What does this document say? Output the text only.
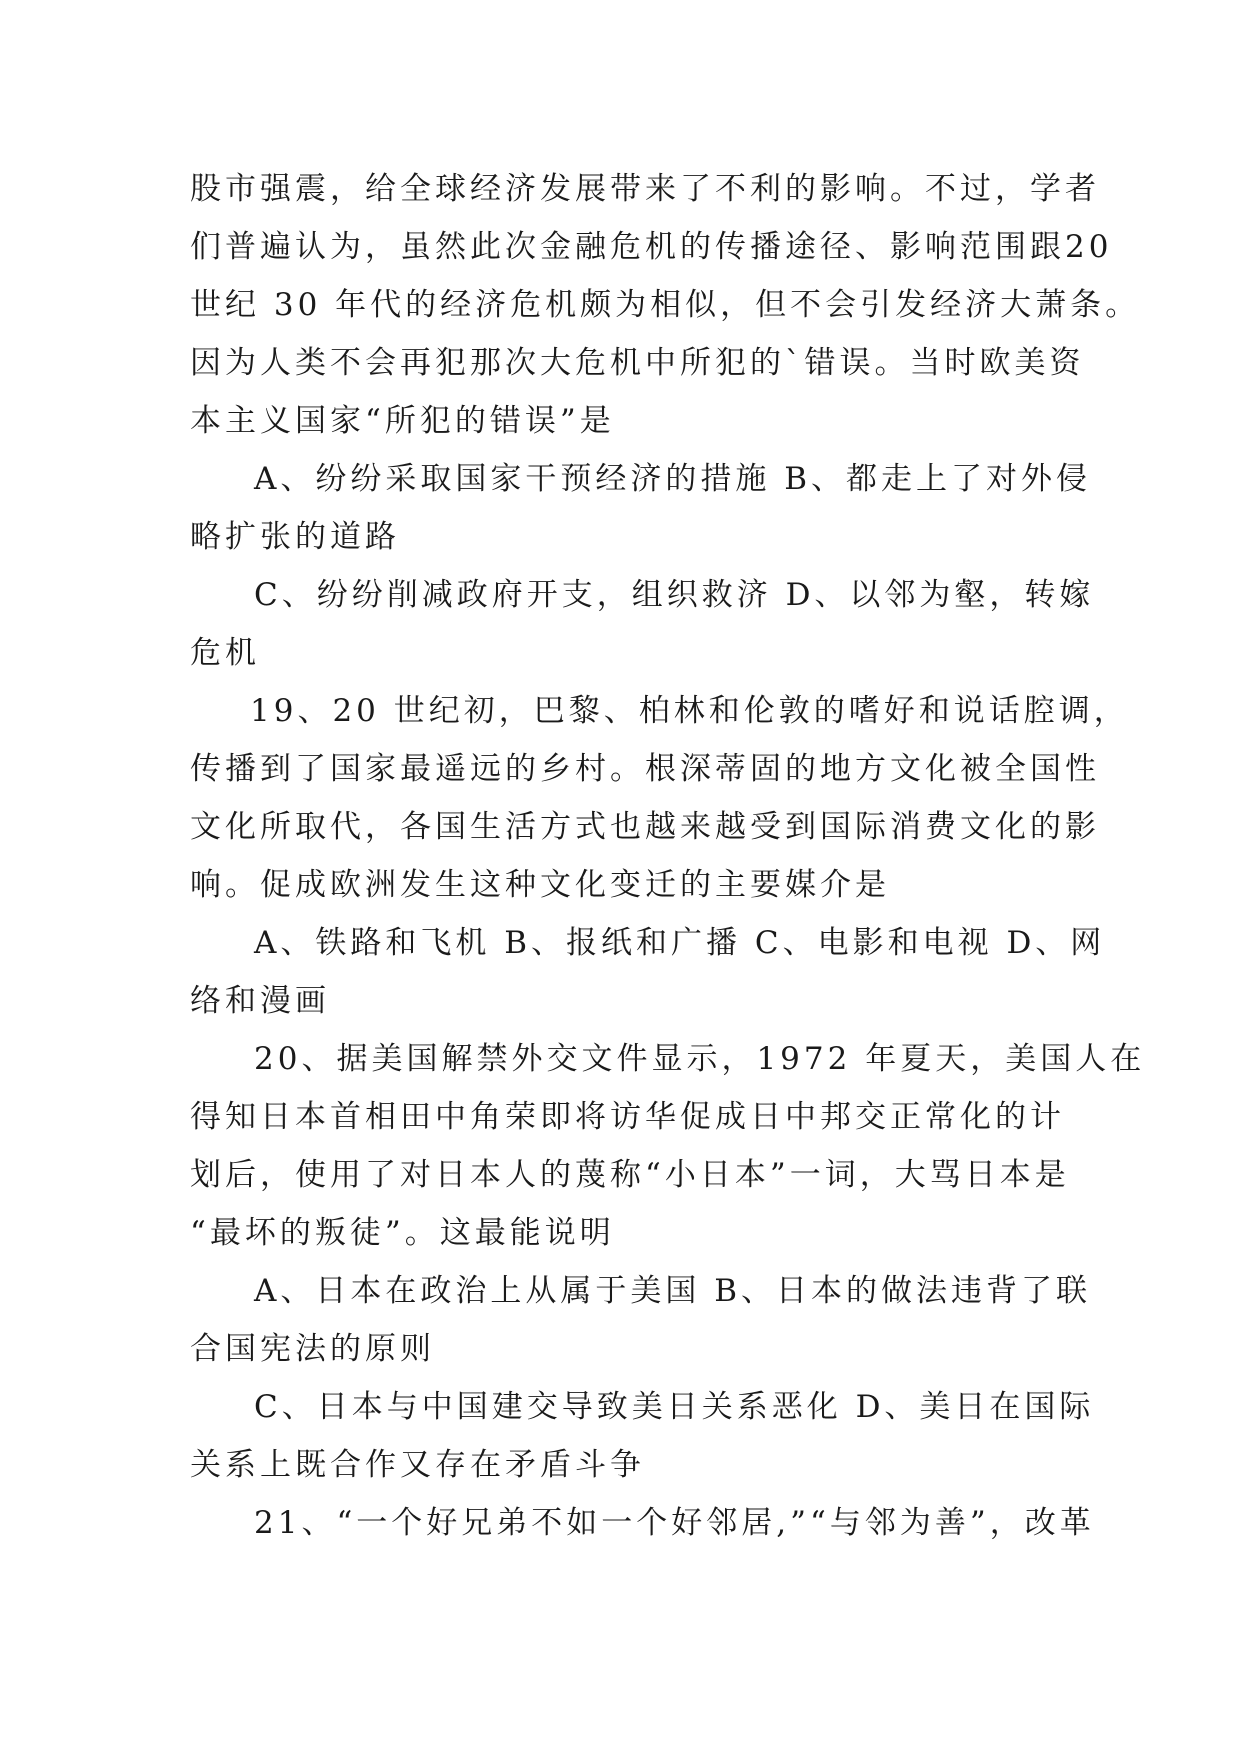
股市强震，给全球经济发展带来了不利的影响。不过，学者
们普遍认为，虽然此次金融危机的传播途径、影响范围跟20
世纪 30 年代的经济危机颇为相似，但不会引发经济大萧条。
因为人类不会再犯那次大危机中所犯的`错误。当时欧美资
本主义国家“所犯的错误”是
A、纷纷采取国家干预经济的措施 B、都走上了对外侵
略扩张的道路
C、纷纷削减政府开支，组织救济 D、以邻为壑，转嫁
危机
19、20 世纪初，巴黎、柏林和伦敦的嗜好和说话腔调，
传播到了国家最遥远的乡村。根深蒂固的地方文化被全国性
文化所取代，各国生活方式也越来越受到国际消费文化的影
响。促成欧洲发生这种文化变迁的主要媒介是
A、铁路和飞机 B、报纸和广播 C、电影和电视 D、网
络和漫画
20、据美国解禁外交文件显示，1972 年夏天，美国人在
得知日本首相田中角荣即将访华促成日中邦交正常化的计
划后，使用了对日本人的蔑称“小日本”一词，大骂日本是
“最坏的叛徒”。这最能说明
A、日本在政治上从属于美国 B、日本的做法违背了联
合国宪法的原则
C、日本与中国建交导致美日关系恶化 D、美日在国际
关系上既合作又存在矛盾斗争
21、“一个好兄弟不如一个好邻居,”“与邻为善”，改革
